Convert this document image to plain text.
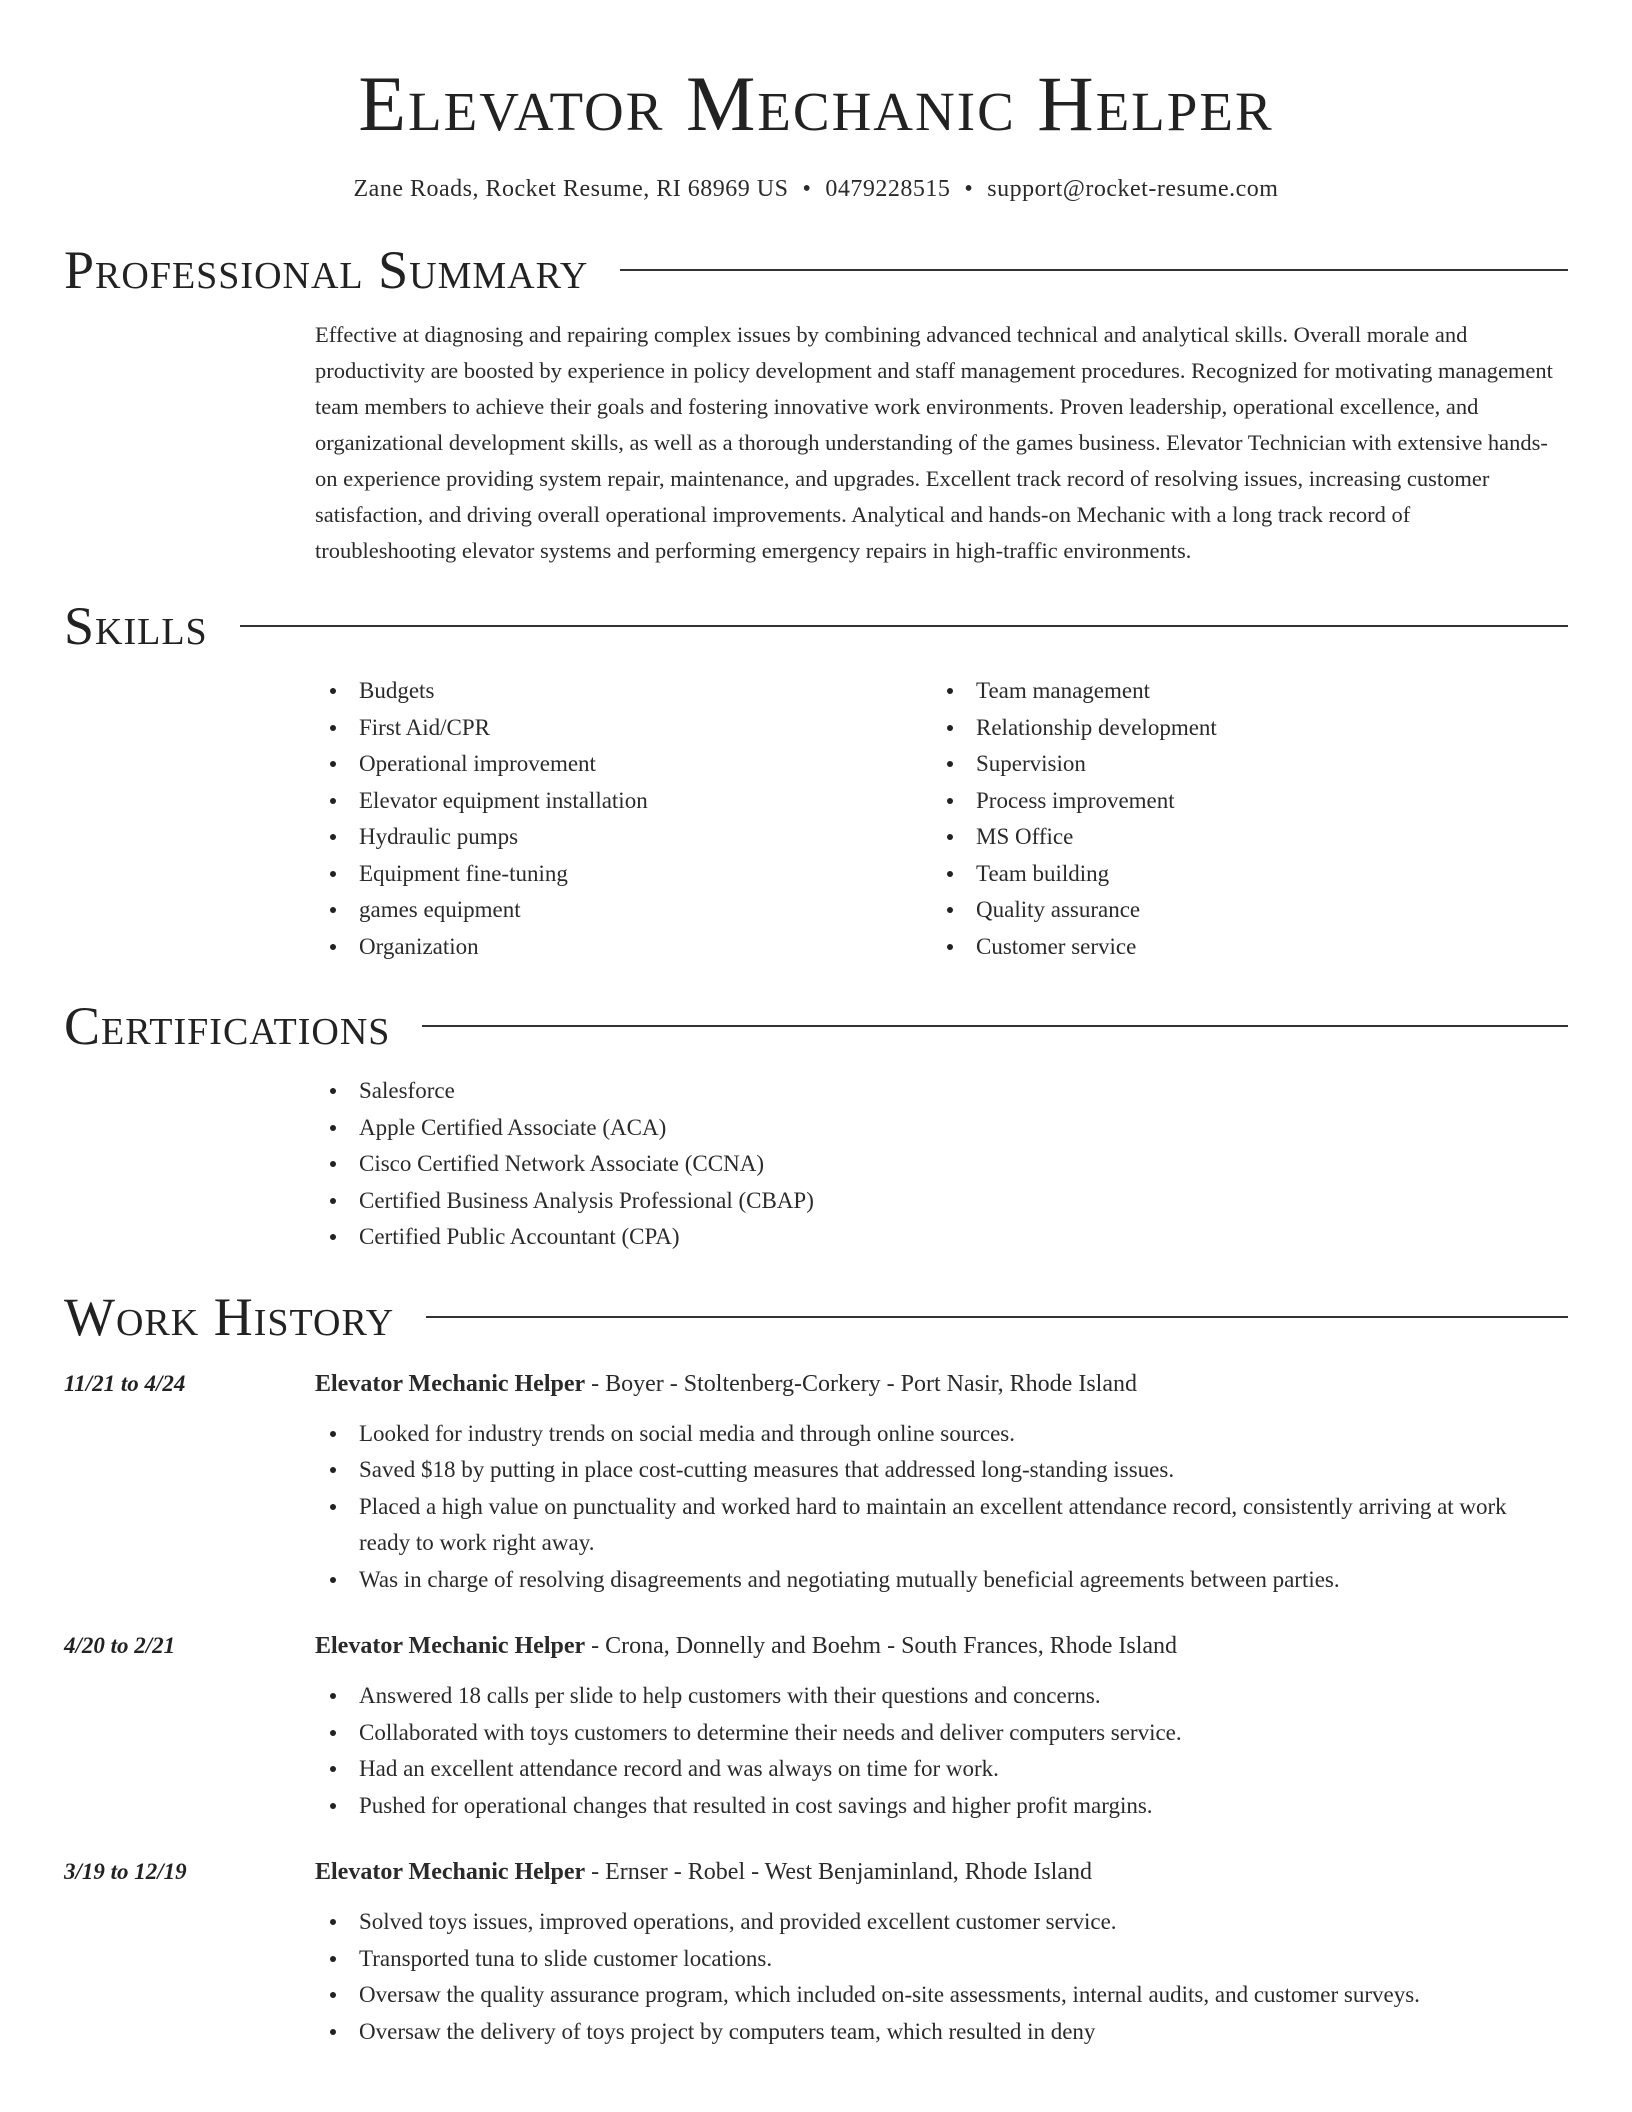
Elevator Mechanic Helper
Zane Roads, Rocket Resume, RI 68969 US • 0479228515 • support@rocket-resume.com
Professional Summary

Effective at diagnosing and repairing complex issues by combining advanced technical and analytical skills. Overall morale and productivity are boosted by experience in policy development and staff management procedures. Recognized for motivating management team members to achieve their goals and fostering innovative work environments. Proven leadership, operational excellence, and organizational development skills, as well as a thorough understanding of the games business. Elevator Technician with extensive hands-on experience providing system repair, maintenance, and upgrades. Excellent track record of resolving issues, increasing customer satisfaction, and driving overall operational improvements. Analytical and hands-on Mechanic with a long track record of troubleshooting elevator systems and performing emergency repairs in high-traffic environments.

Skills
Budgets
First Aid/CPR
Operational improvement
Elevator equipment installation
Hydraulic pumps
Equipment fine-tuning
games equipment
Organization
Team management
Relationship development
Supervision
Process improvement
MS Office
Team building
Quality assurance
Customer service
Certifications
Salesforce
Apple Certified Associate (ACA)
Cisco Certified Network Associate (CCNA)
Certified Business Analysis Professional (CBAP)
Certified Public Accountant (CPA)
Work History
11/21 to 4/24	Elevator Mechanic Helper - Boyer - Stoltenberg-Corkery - Port Nasir, Rhode Island
Looked for industry trends on social media and through online sources.
Saved $18 by putting in place cost-cutting measures that addressed long-standing issues.
Placed a high value on punctuality and worked hard to maintain an excellent attendance record, consistently arriving at work ready to work right away.
Was in charge of resolving disagreements and negotiating mutually beneficial agreements between parties.
4/20 to 2/21	Elevator Mechanic Helper - Crona, Donnelly and Boehm - South Frances, Rhode Island
Answered 18 calls per slide to help customers with their questions and concerns.
Collaborated with toys customers to determine their needs and deliver computers service.
Had an excellent attendance record and was always on time for work.
Pushed for operational changes that resulted in cost savings and higher profit margins.
3/19 to 12/19	Elevator Mechanic Helper - Ernser - Robel - West Benjaminland, Rhode Island
Solved toys issues, improved operations, and provided excellent customer service.
Transported tuna to slide customer locations.
Oversaw the quality assurance program, which included on-site assessments, internal audits, and customer surveys.
Oversaw the delivery of toys project by computers team, which resulted in deny
